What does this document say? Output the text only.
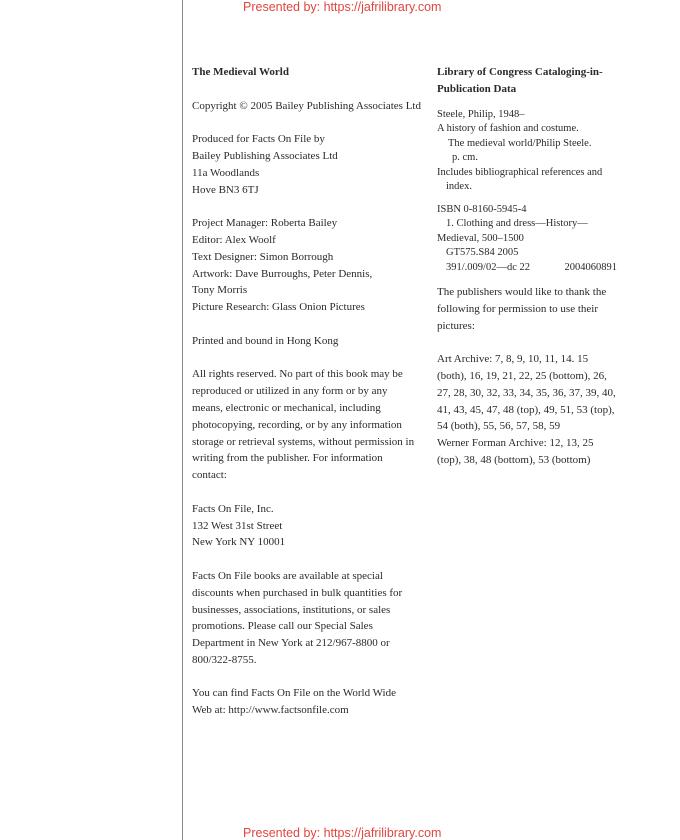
Presented by: https://jafrilibrary.com

The Medieval World

Copyright © 2005 Bailey Publishing Associates Ltd

Produced for Facts On File by

Bailey Publishing Associates Ltd

11a Woodlands

Hove BN3 6TJ

Project Manager: Roberta Bailey

Editor: Alex Woolf

Text Designer: Simon Borrough

Artwork: Dave Burroughs, Peter Dennis,

Tony Morris

Picture Research: Glass Onion Pictures

Printed and bound in Hong Kong

All rights reserved. No part of this book may be

reproduced or utilized in any form or by any

means, electronic or mechanical, including

photocopying, recording, or by any information

storage or retrieval systems, without permission in

writing from the publisher. For information

contact:

Facts On File, Inc.

132 West 31st Street

New York NY 10001

Facts On File books are available at special

discounts when purchased in bulk quantities for

businesses, associations, institutions, or sales

promotions. Please call our Special Sales

Department in New York at 212/967-8800 or

800/322-8755.

You can find Facts On File on the World Wide

Web at: http://www.factsonfile.com

Library of Congress Cataloging-in-

Publication Data

Steele, Philip, 1948–

A history of fashion and costume.

The medieval world/Philip Steele.

p. cm.

Includes bibliographical references and

index.

ISBN 0-8160-5945-4

1. Clothing and dress—History—

Medieval, 500–1500

GT575.S84 2005

391/.009/02—dc 22	2004060891

The publishers would like to thank the

following for permission to use their

pictures:

Art Archive: 7, 8, 9, 10, 11, 14. 15

(both), 16, 19, 21, 22, 25 (bottom), 26,

27, 28, 30, 32, 33, 34, 35, 36, 37, 39, 40,

41, 43, 45, 47, 48 (top), 49, 51, 53 (top),

54 (both), 55, 56, 57, 58, 59

Werner Forman Archive: 12, 13, 25

(top), 38, 48 (bottom), 53 (bottom)

Presented by: https://jafrilibrary.com
